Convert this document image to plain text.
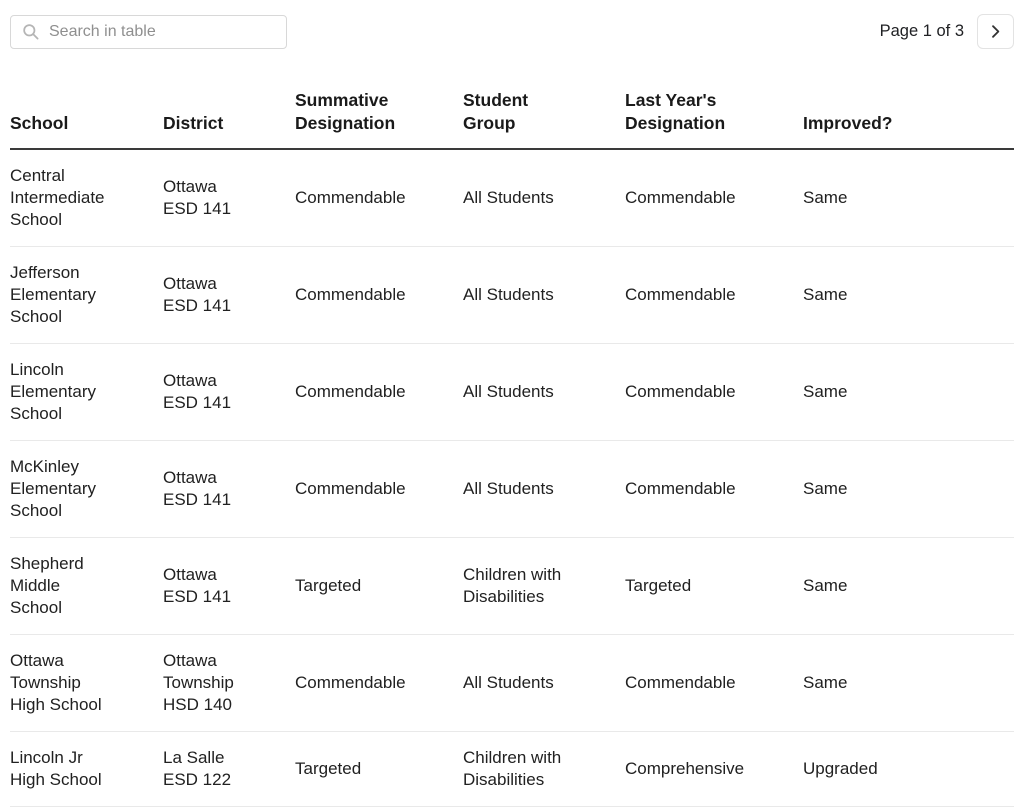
Search in table
Page 1 of 3
School	District	Summative Designation	Student Group	Last Year's Designation	Improved?
Central Intermediate School	Ottawa ESD 141	Commendable	All Students	Commendable	Same
Jefferson Elementary School	Ottawa ESD 141	Commendable	All Students	Commendable	Same
Lincoln Elementary School	Ottawa ESD 141	Commendable	All Students	Commendable	Same
McKinley Elementary School	Ottawa ESD 141	Commendable	All Students	Commendable	Same
Shepherd Middle School	Ottawa ESD 141	Targeted	Children with Disabilities	Targeted	Same
Ottawa Township High School	Ottawa Township HSD 140	Commendable	All Students	Commendable	Same
Lincoln Jr High School	La Salle ESD 122	Targeted	Children with Disabilities	Comprehensive	Upgraded
